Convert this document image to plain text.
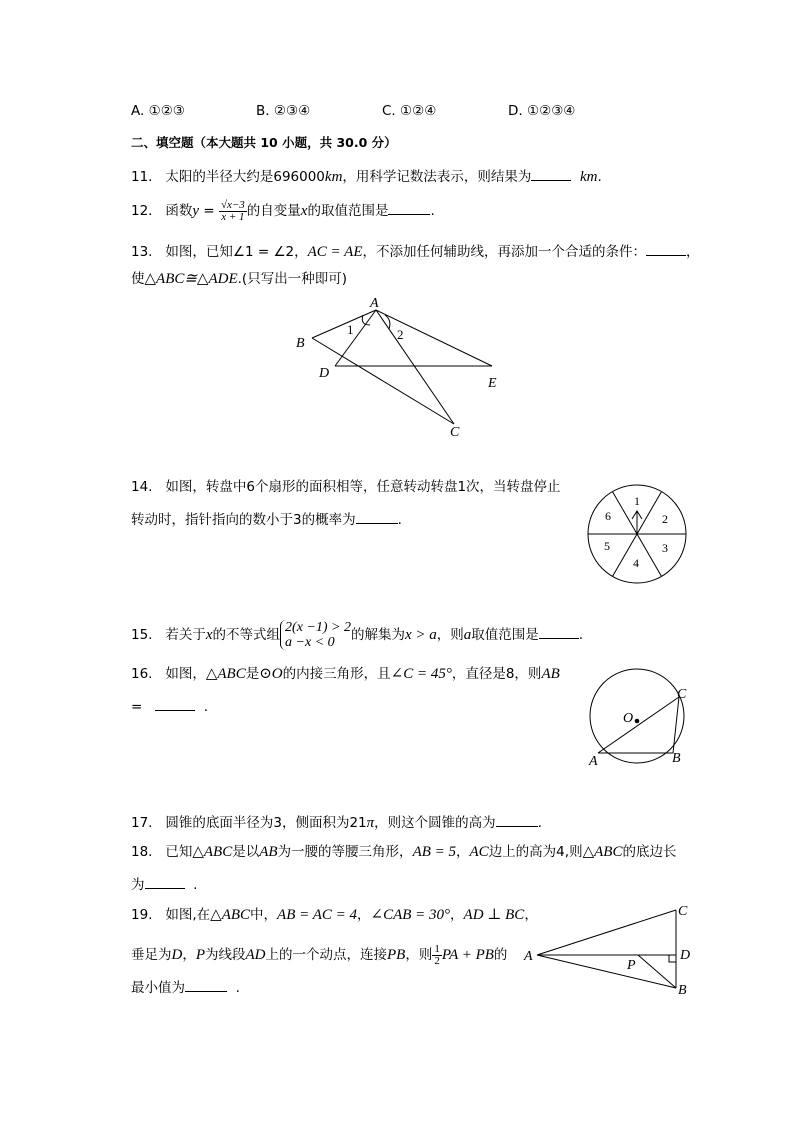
A. ①②③	B. ②③④	C. ①②④	D. ①②③④
二、填空题（本大题共 10 小题，共 30.0 分）
11. 太阳的半径大约是696000km，用科学记数法表示，则结果为	km.
12. 函数$y = \frac{√x-3}{x + 1}$ 的自变量x的取值范围是	.
13. 如图，已知∠1 = ∠2，AC = AE，不添加任何辅助线，再添加一个合适的条件：	，
使△ABC≅△ADE.(只写出一种即可)
A
B
D
E
C
1	2
14. 如图，转盘中6个扇形的面积相等，任意转动转盘1次，当转盘停止
转动时，指针指向的数小于3的概率为	.
1
2
3
4
5
6
15. 若关于x的不等式组 2(x −1) > 2
a −x < 0	的解集为x > a，则a取值范围是	.
16. 如图，△ABC是⊙O的内接三角形，且∠C = 45°，直径是8，则AB
=	.
O
A	B
C
17. 圆锥的底面半径为3，侧面积为21π，则这个圆锥的高为	.
18. 已知△ABC是以AB为一腰的等腰三角形，AB = 5，AC边上的高为4,则△ABC的底边长
为	.
19. 如图,在△ABC中，AB = AC = 4，∠CAB = 30°，AD ⊥ BC，
垂足为D，P为线段AD上的一个动点，连接PB，则 $\frac{1}{2}$ PA + PB的
最小值为	.
A
C
D
B
P
